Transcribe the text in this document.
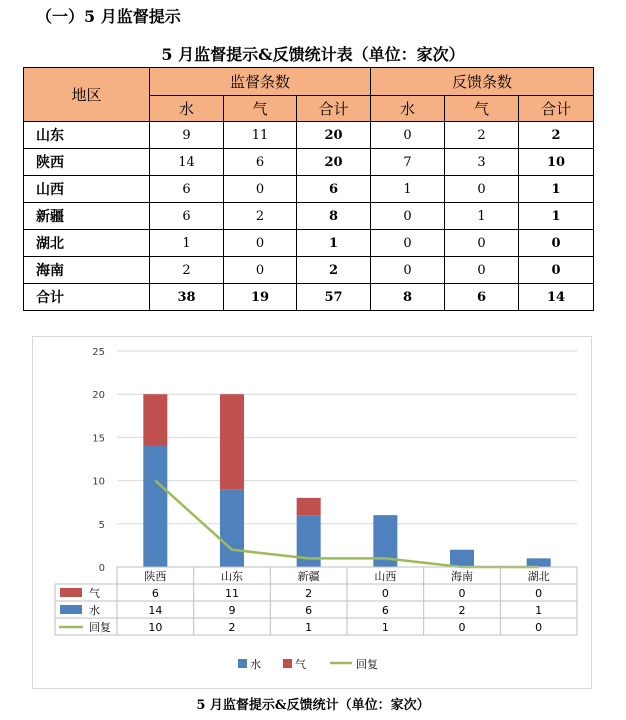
（一）5 月监督提示
5 月监督提示&反馈统计表（单位：家次）
地区	监督条数			反馈条数		
	水	气	合计	水	气	合计
山东	9	11	20	0	2	2
陕西	14	6	20	7	3	10
山西	6	0	6	1	0	1
新疆	6	2	8	0	1	1
湖北	1	0	1	0	0	0
海南	2	0	2	0	0	0
合计	38	19	57	8	6	14
0
5
10
15
20
25
陕西	山东	新疆	山西	海南	湖北
气	6	11	2	0	0	0
水	14	9	6	6	2	1
回复	10	2	1	1	0	0
水	气	回复
5 月监督提示&反馈统计（单位：家次）
